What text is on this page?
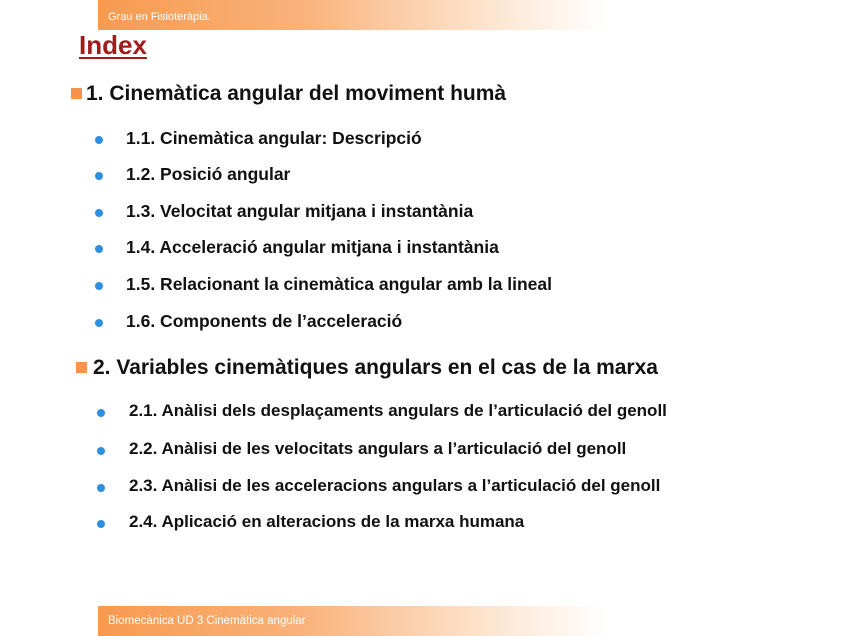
Grau en Fisioteràpia.
Index
1. Cinemàtica angular del moviment humà
1.1. Cinemàtica angular: Descripció
1.2. Posició angular
1.3. Velocitat angular mitjana i instantània
1.4. Acceleració angular mitjana i instantània
1.5. Relacionant la cinemàtica angular amb la lineal
1.6. Components de l’acceleració
2. Variables cinemàtiques angulars en el cas de la marxa
2.1. Anàlisi dels desplaçaments angulars de l’articulació del genoll
2.2. Anàlisi de les velocitats angulars a l’articulació del genoll
2.3. Anàlisi de les acceleracions angulars a l’articulació del genoll
2.4. Aplicació en alteracions de la marxa humana
Biomecànica UD 3 Cinemàtica angular
